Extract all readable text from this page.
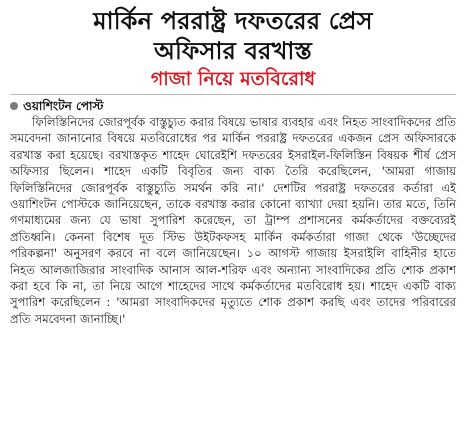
মার্কিন পররাষ্ট্র দফতরের প্রেস
অফিসার বরখাস্ত
গাজা নিয়ে মতবিরোধ
ওয়াশিংটন পোস্ট

ফিলিস্তিনিদের জোরপূর্বক বাস্তুচ্যুত করার বিষয়ে ভাষার ব্যবহার এবং নিহত সাংবাদিকদের প্রতি সমবেদনা জানানোর বিষয়ে মতবিরোধের পর মার্কিন পররাষ্ট্র দফতরের একজন প্রেস অফিসারকে বরখাস্ত করা হয়েছে। বরখাস্তকৃত শাহেদ ঘোরেইশি দফতরের ইসরাইল-ফিলিস্তিন বিষয়ক শীর্ষ প্রেস অফিসার ছিলেন। শাহেদ একটি বিবৃতির জন্য বাক্য তৈরি করেছিলেন, 'আমরা গাজায় ফিলিস্তিনিদের জোরপূর্বক বাস্তুচ্যুতি সমর্থন করি না।' দেশটির পররাষ্ট্র দফতরের কর্তারা এই ওয়াশিংটন পোস্টকে জানিয়েছেন, তাকে বরখাস্ত করার কোনো ব্যাখ্যা দেয়া হয়নি। তার মতে, তিনি গণমাধ্যমের জন্য যে ভাষা সুপারিশ করেছেন, তা ট্রাম্প প্রশাসনের কর্মকর্তাদের বক্তব্যেরই প্রতিধ্বনি। কেননা বিশেষ দূত স্টিভ উইটকফসহ মার্কিন কর্মকর্তারা গাজা থেকে 'উচ্ছেদের পরিকল্পনা' অনুসরণ করবে না বলে জানিয়েছেন। ১০ আগস্ট গাজায় ইসরাইলি বাহিনীর হাতে নিহত আলজাজিরার সাংবাদিক আনাস আল-শরিফ এবং অন্যান্য সাংবাদিকের প্রতি শোক প্রকাশ করা হবে কি না, তা নিয়ে আগে শাহেদের সাথে কর্মকর্তাদের মতবিরোধ হয়। শাহেদ একটি বাক্য সুপারিশ করেছিলেন : 'আমরা সাংবাদিকদের মৃত্যুতে শোক প্রকাশ করছি এবং তাদের পরিবারের প্রতি সমবেদনা জানাচ্ছি।'
